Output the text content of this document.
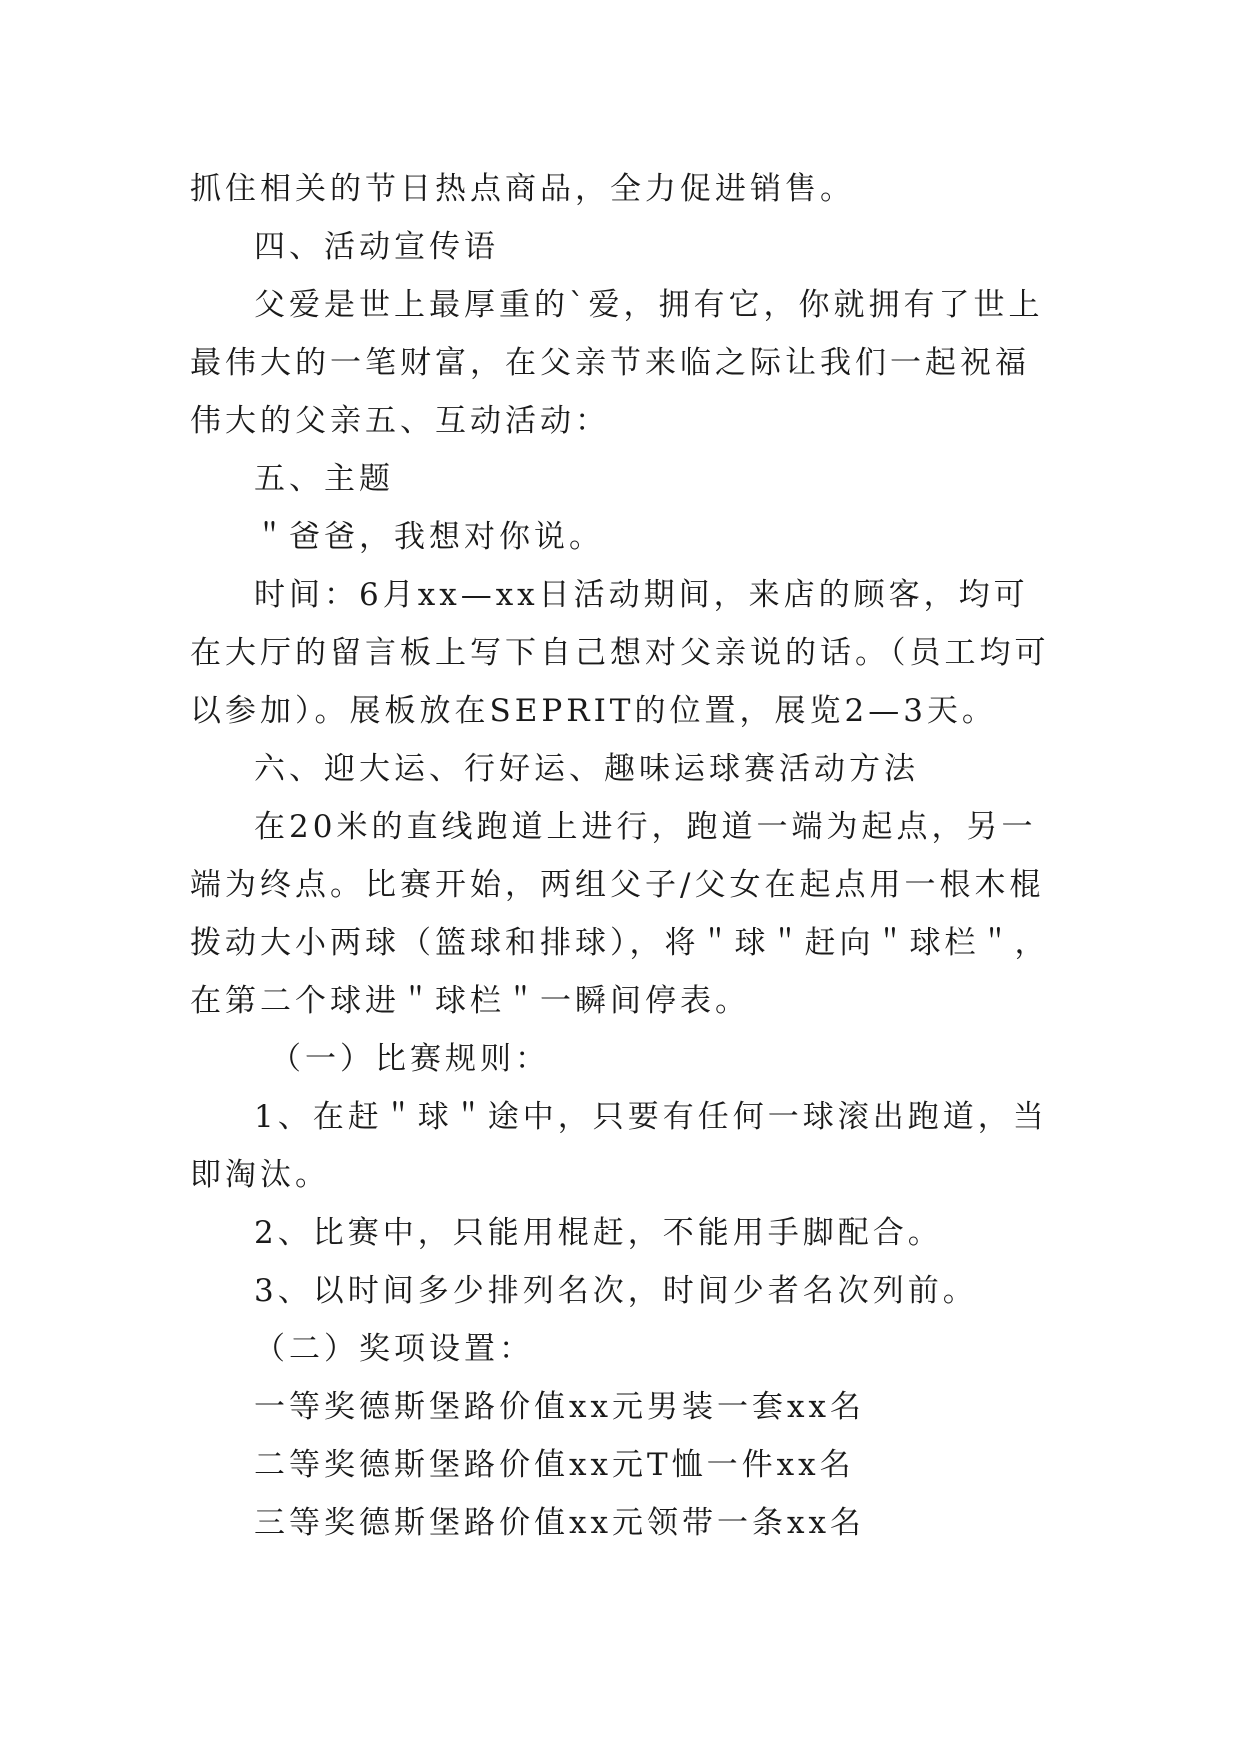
抓住相关的节日热点商品，全力促进销售。

四、活动宣传语

父爱是世上最厚重的`爱，拥有它，你就拥有了世上最伟大的一笔财富，在父亲节来临之际让我们一起祝福伟大的父亲五、互动活动：

五、主题

＂爸爸，我想对你说。

时间：6月xx—xx日活动期间，来店的顾客，均可在大厅的留言板上写下自己想对父亲说的话。（员工均可以参加）。展板放在SEPRIT的位置，展览2—3天。

六、迎大运、行好运、趣味运球赛活动方法

在20米的直线跑道上进行，跑道一端为起点，另一端为终点。比赛开始，两组父子/父女在起点用一根木棍拨动大小两球（篮球和排球），将＂球＂赶向＂球栏＂，在第二个球进＂球栏＂一瞬间停表。

（一）比赛规则：

1、在赶＂球＂途中，只要有任何一球滚出跑道，当即淘汰。

2、比赛中，只能用棍赶，不能用手脚配合。

3、以时间多少排列名次，时间少者名次列前。

（二）奖项设置：

一等奖德斯堡路价值xx元男装一套xx名

二等奖德斯堡路价值xx元T恤一件xx名

三等奖德斯堡路价值xx元领带一条xx名
